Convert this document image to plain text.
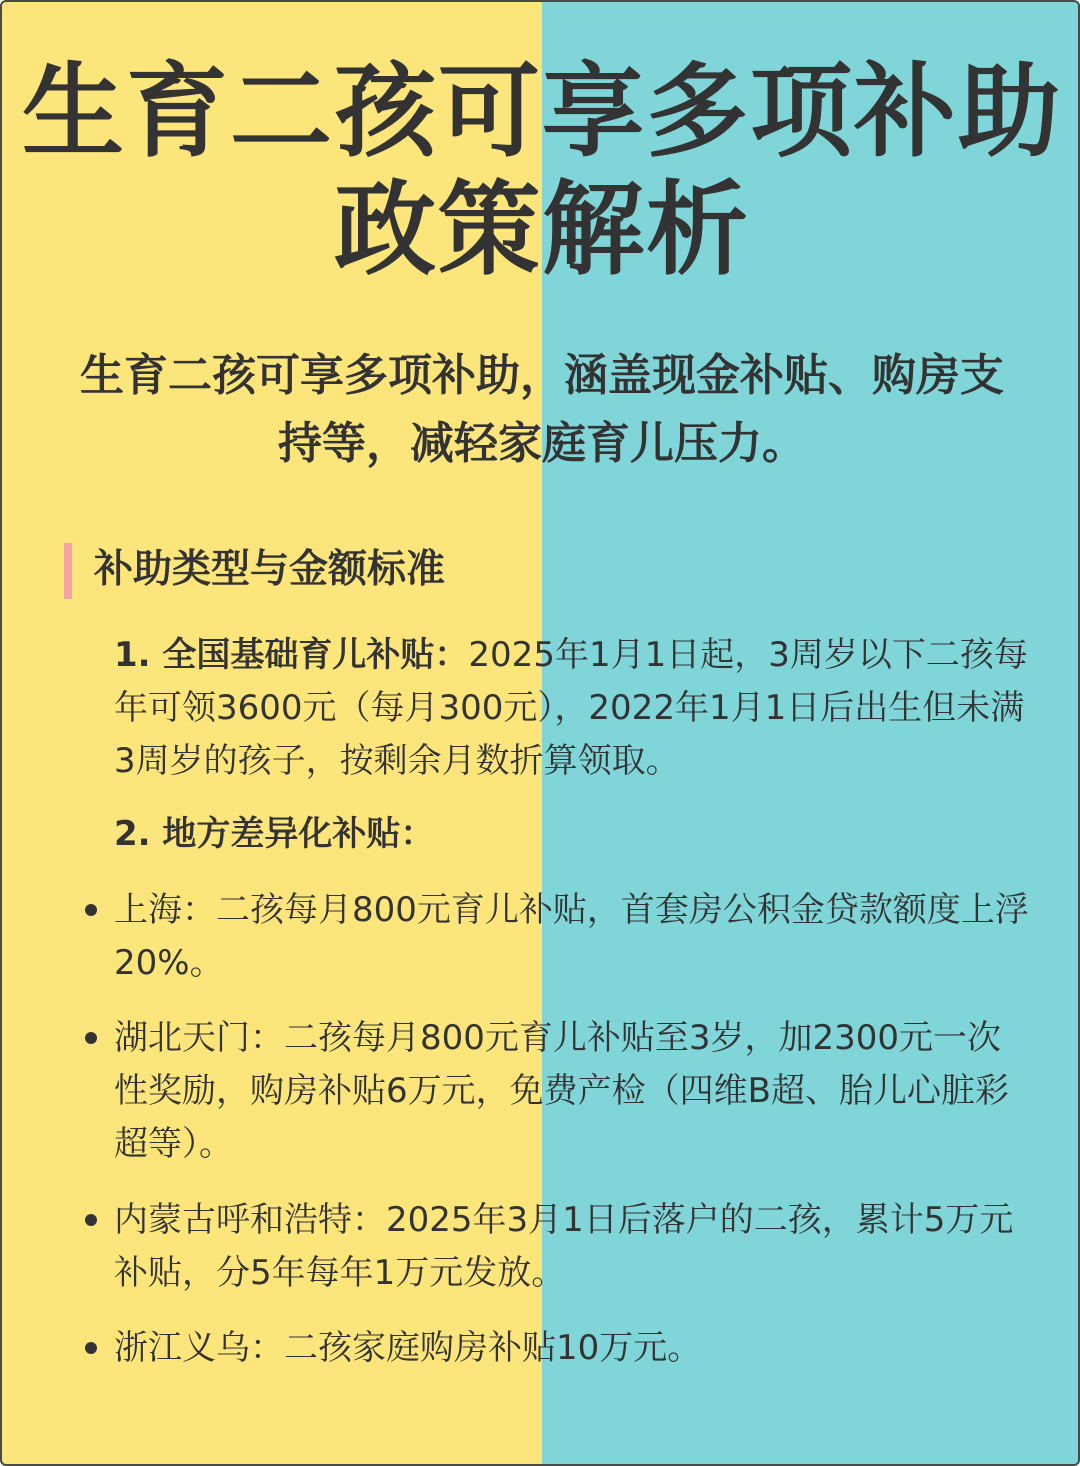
生育二孩可享多项补助政策解析

生育二孩可享多项补助，涵盖现金补贴、购房支持等，减轻家庭育儿压力。

补助类型与金额标准

1. 全国基础育儿补贴：2025年1月1日起，3周岁以下二孩每年可领3600元（每月300元），2022年1月1日后出生但未满3周岁的孩子，按剩余月数折算领取。

2. 地方差异化补贴：

上海：二孩每月800元育儿补贴，首套房公积金贷款额度上浮20%。

湖北天门：二孩每月800元育儿补贴至3岁，加2300元一次性奖励，购房补贴6万元，免费产检（四维B超、胎儿心脏彩超等）。

内蒙古呼和浩特：2025年3月1日后落户的二孩，累计5万元补贴，分5年每年1万元发放。

浙江义乌：二孩家庭购房补贴10万元。
